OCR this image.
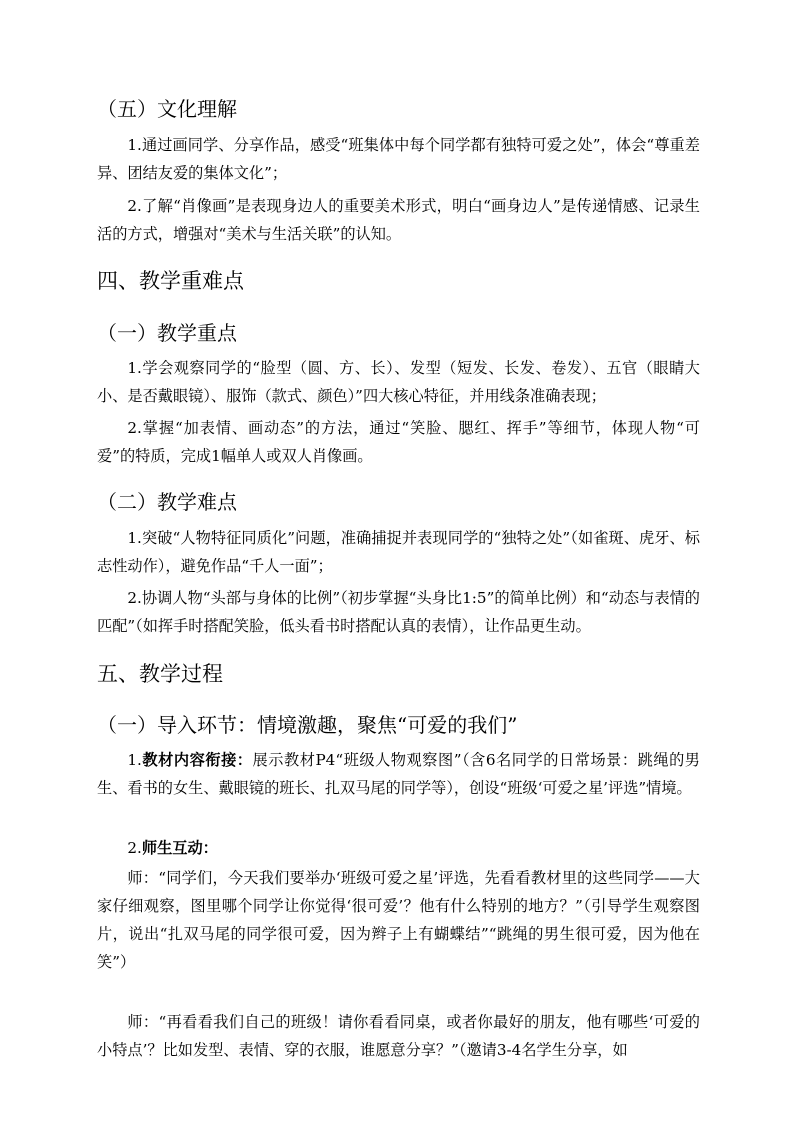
（五）文化理解

1.通过画同学、分享作品，感受“班集体中每个同学都有独特可爱之处”，体会“尊重差异、团结友爱的集体文化”；

2.了解“肖像画”是表现身边人的重要美术形式，明白“画身边人”是传递情感、记录生活的方式，增强对“美术与生活关联”的认知。

四、教学重难点
（一）教学重点

1.学会观察同学的“脸型（圆、方、长）、发型（短发、长发、卷发）、五官（眼睛大小、是否戴眼镜）、服饰（款式、颜色）”四大核心特征，并用线条准确表现；

2.掌握“加表情、画动态”的方法，通过“笑脸、腮红、挥手”等细节，体现人物“可爱”的特质，完成1幅单人或双人肖像画。

（二）教学难点

1.突破“人物特征同质化”问题，准确捕捉并表现同学的“独特之处”（如雀斑、虎牙、标志性动作），避免作品“千人一面”；

2.协调人物“头部与身体的比例”（初步掌握“头身比1:5”的简单比例）和“动态与表情的匹配”（如挥手时搭配笑脸，低头看书时搭配认真的表情），让作品更生动。

五、教学过程
（一）导入环节：情境激趣，聚焦“可爱的我们”

1.教材内容衔接：展示教材P4“班级人物观察图”（含6名同学的日常场景：跳绳的男生、看书的女生、戴眼镜的班长、扎双马尾的同学等），创设“班级‘可爱之星’评选”情境。

2.师生互动：

师：“同学们，今天我们要举办‘班级可爱之星’评选，先看看教材里的这些同学——大家仔细观察，图里哪个同学让你觉得‘很可爱’？他有什么特别的地方？”（引导学生观察图片，说出“扎双马尾的同学很可爱，因为辫子上有蝴蝶结”“跳绳的男生很可爱，因为他在笑”）

师：“再看看我们自己的班级！请你看看同桌，或者你最好的朋友，他有哪些‘可爱的小特点’？比如发型、表情、穿的衣服，谁愿意分享？”（邀请3-4名学生分享，如
